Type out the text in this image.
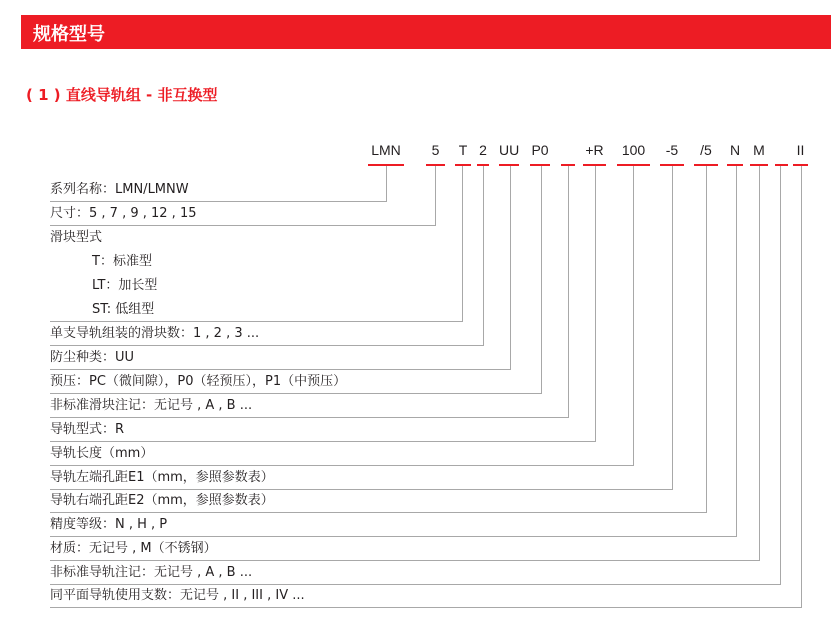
规格型号
( 1 ) 直线导轨组 - 非互换型
LMN	5	T 2 UU P0	+R	100	-5	/5	N M II
系列名称：LMN/LMNW
尺寸：5 , 7 , 9 , 12 , 15
滑块型式
T：标准型
LT：加长型
ST: 低组型
单支导轨组装的滑块数：1 , 2 , 3 ...
防尘种类：UU
预压：PC（微间隙），P0（轻预压），P1（中预压）
非标准滑块注记：无记号 , A , B ...
导轨型式：R
导轨长度（mm）
导轨左端孔距E1（mm，参照参数表）
导轨右端孔距E2（mm，参照参数表）
精度等级：N , H , P
材质：无记号 , M（不锈钢）
非标准导轨注记：无记号 , A , B ...
同平面导轨使用支数：无记号 , II , III , IV ...
